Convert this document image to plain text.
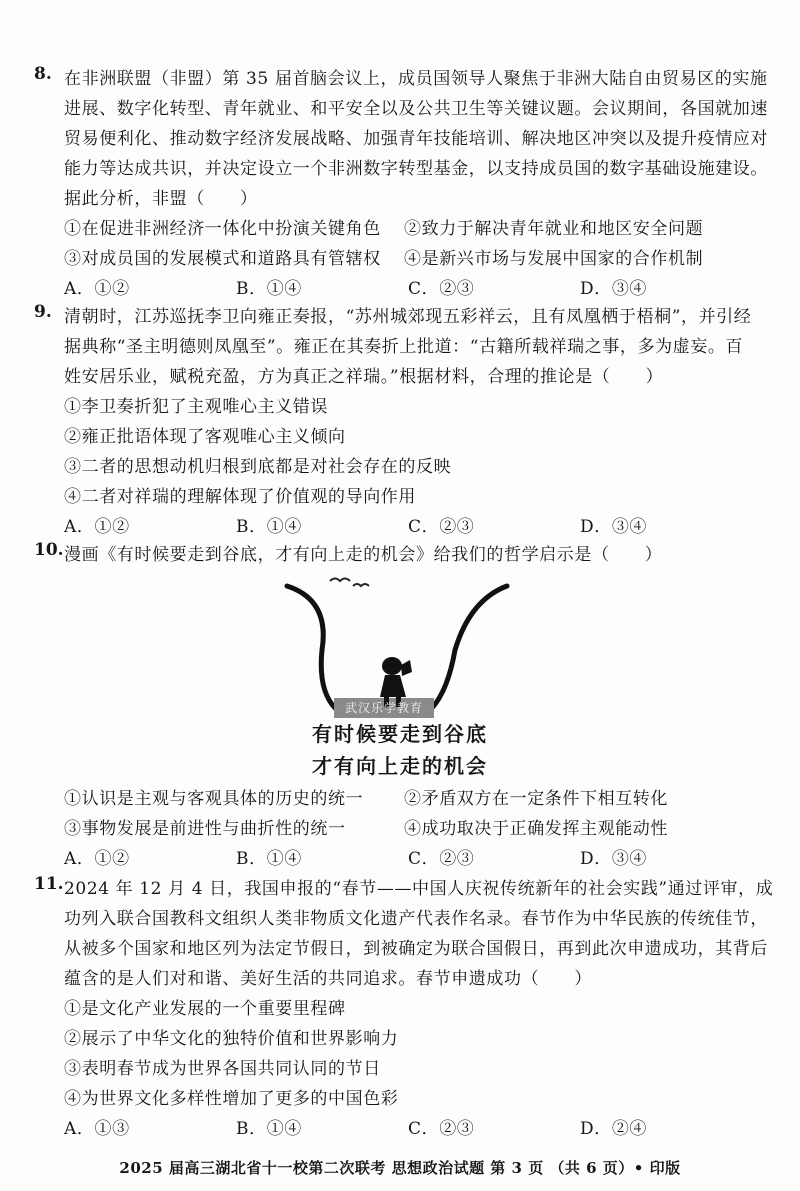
8. 在非洲联盟（非盟）第 35 届首脑会议上，成员国领导人聚焦于非洲大陆自由贸易区的实施

进展、数字化转型、青年就业、和平安全以及公共卫生等关键议题。会议期间，各国就加速

贸易便利化、推动数字经济发展战略、加强青年技能培训、解决地区冲突以及提升疫情应对

能力等达成共识，并决定设立一个非洲数字转型基金，以支持成员国的数字基础设施建设。

据此分析，非盟（　　）

①在促进非洲经济一体化中扮演关键角色	②致力于解决青年就业和地区安全问题
③对成员国的发展模式和道路具有管辖权	④是新兴市场与发展中国家的合作机制
A．①②	B．①④	C．②③	D．③④
9. 清朝时，江苏巡抚李卫向雍正奏报，“苏州城郊现五彩祥云，且有凤凰栖于梧桐”，并引经

据典称“圣主明德则凤凰至”。雍正在其奏折上批道：“古籍所载祥瑞之事，多为虚妄。百

姓安居乐业，赋税充盈，方为真正之祥瑞。”根据材料，合理的推论是（　　）

①李卫奏折犯了主观唯心主义错误

②雍正批语体现了客观唯心主义倾向

③二者的思想动机归根到底都是对社会存在的反映

④二者对祥瑞的理解体现了价值观的导向作用

A．①②	B．①④	C．②③	D．③④
10. 漫画《有时候要走到谷底，才有向上走的机会》给我们的哲学启示是（　　）

武汉乐学教育
有时候要走到谷底
才有向上走的机会
①认识是主观与客观具体的历史的统一	②矛盾双方在一定条件下相互转化
③事物发展是前进性与曲折性的统一	④成功取决于正确发挥主观能动性
A．①②	B．①④	C．②③	D．③④
11. 2024 年 12 月 4 日，我国申报的“春节——中国人庆祝传统新年的社会实践”通过评审，成

功列入联合国教科文组织人类非物质文化遗产代表作名录。春节作为中华民族的传统佳节，

从被多个国家和地区列为法定节假日，到被确定为联合国假日，再到此次申遗成功，其背后

蕴含的是人们对和谐、美好生活的共同追求。春节申遗成功（　　）

①是文化产业发展的一个重要里程碑

②展示了中华文化的独特价值和世界影响力

③表明春节成为世界各国共同认同的节日

④为世界文化多样性增加了更多的中国色彩

A．①③	B．①④	C．②③	D．②④
2025 届高三湖北省十一校第二次联考 思想政治试题 第 3 页 （共 6 页）• 印版
